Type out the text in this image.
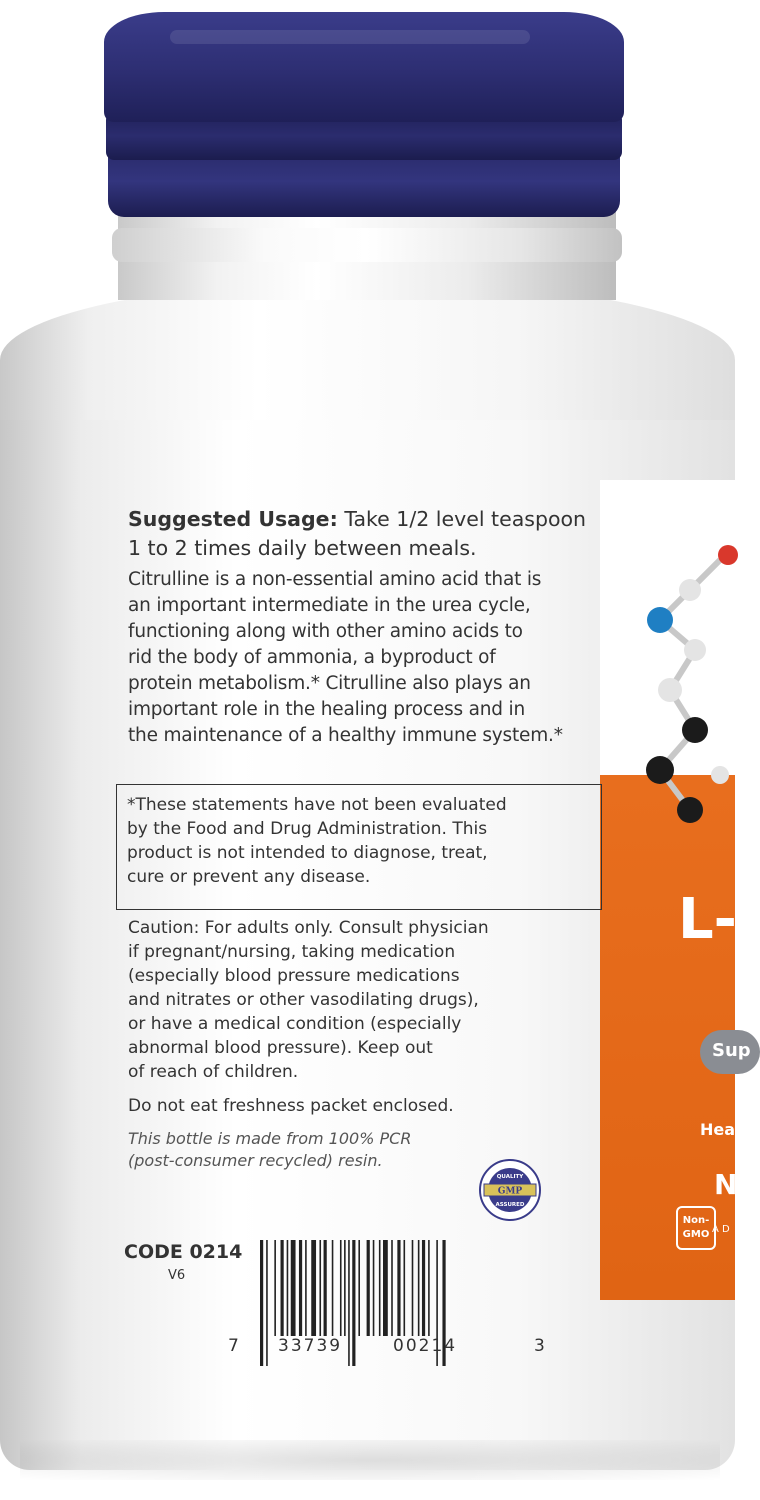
L-
Sup
Heal
N
A D
Non-
GMO

Suggested Usage: Take 1/2 level teaspoon
1 to 2 times daily between meals.

Citrulline is a non-essential amino acid that is
an important intermediate in the urea cycle,
functioning along with other amino acids to
rid the body of ammonia, a byproduct of
protein metabolism.* Citrulline also plays an
important role in the healing process and in
the maintenance of a healthy immune system.*

*These statements have not been evaluated
by the Food and Drug Administration. This
product is not intended to diagnose, treat,
cure or prevent any disease.
Caution: For adults only. Consult physician
if pregnant/nursing, taking medication
(especially blood pressure medications
and nitrates or other vasodilating drugs),
or have a medical condition (especially
abnormal blood pressure). Keep out
of reach of children.
Do not eat freshness packet enclosed.
This bottle is made from 100% PCR
(post-consumer recycled) resin.
GMP
QUALITY
ASSURED
CODE 0214
V6
7 33739	00214	3
